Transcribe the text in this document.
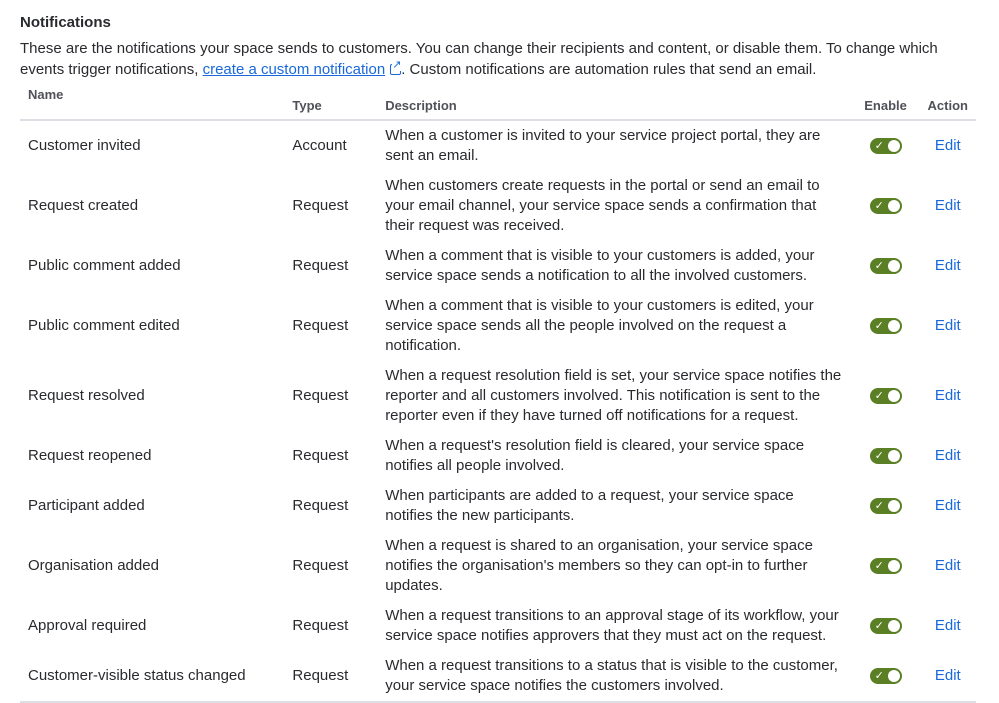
Notifications

These are the notifications your space sends to customers. You can change their recipients and content, or disable them. To change which events trigger notifications, create a custom notification ↗ . Custom notifications are automation rules that send an email.

Name	Type	Description	Enable	Action
Customer invited	Account	When a customer is invited to your service project portal, they are sent an email.	✓	Edit
Request created	Request	When customers create requests in the portal or send an email to your email channel, your service space sends a confirmation that their request was received.	✓	Edit
Public comment added	Request	When a comment that is visible to your customers is added, your service space sends a notification to all the involved customers.	✓	Edit
Public comment edited	Request	When a comment that is visible to your customers is edited, your service space sends all the people involved on the request a notification.	✓	Edit
Request resolved	Request	When a request resolution field is set, your service space notifies the reporter and all customers involved. This notification is sent to the reporter even if they have turned off notifications for a request.	✓	Edit
Request reopened	Request	When a request's resolution field is cleared, your service space notifies all people involved.	✓	Edit
Participant added	Request	When participants are added to a request, your service space notifies the new participants.	✓	Edit
Organisation added	Request	When a request is shared to an organisation, your service space notifies the organisation's members so they can opt-in to further updates.	✓	Edit
Approval required	Request	When a request transitions to an approval stage of its workflow, your service space notifies approvers that they must act on the request.	✓	Edit
Customer-visible status changed	Request	When a request transitions to a status that is visible to the customer, your service space notifies the customers involved.	✓	Edit
